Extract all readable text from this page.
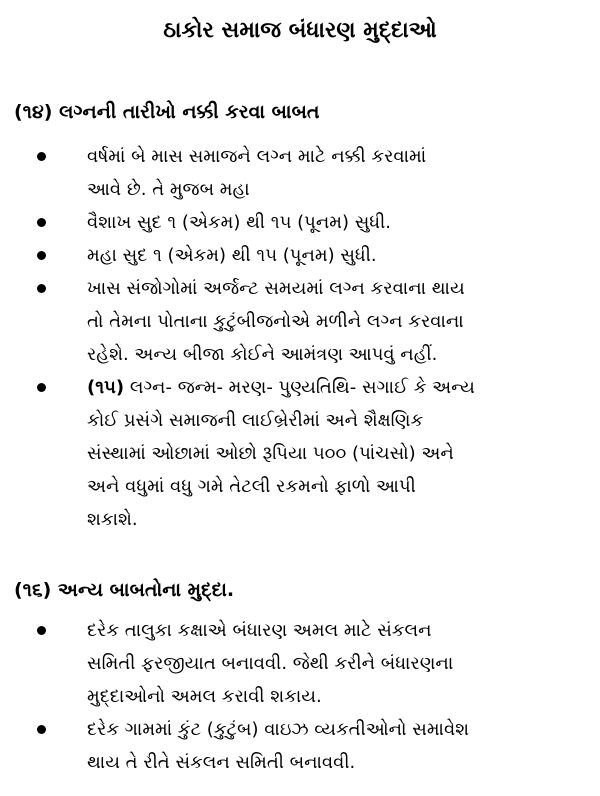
ઠાકોર સમાજ બંધારણ મુદ્દાઓ
(૧૪) લગ્નની તારીખો નક્કી કરવા બાબત
વર્ષમાં બે માસ સમાજને લગ્ન માટે નક્કી કરવામાં
આવે છે. તે મુજબ મહા
વૈશાખ સુદ ૧ (એકમ) થી ૧૫ (પૂનમ) સુધી.
મહા સુદ ૧ (એકમ) થી ૧૫ (પૂનમ) સુધી.
ખાસ સંજોગોમાં અર્જન્ટ સમયમાં લગ્ન કરવાના થાય
તો તેમના પોતાના કુટુંબીજનોએ મળીને લગ્ન કરવાના
રહેશે. અન્ય બીજા કોઈને આમંત્રણ આપવું નહીં.
(૧૫) લગ્ન- જન્મ- મરણ- પુણ્યતિથિ- સગાઈ કે અન્ય
કોઈ પ્રસંગે સમાજની લાઈબ્રેરીમાં અને શૈક્ષણિક
સંસ્થામાં ઓછામાં ઓછો રૂપિયા ૫૦૦ (પાંચસો) અને
અને વધુમાં વધુ ગમે તેટલી રકમનો ફાળો આપી
શકાશે.
(૧૬) અન્ય બાબતોના મુદ્દા.
દરેક તાલુકા કક્ષાએ બંધારણ અમલ માટે સંકલન
સમિતી ફરજીયાત બનાવવી. જેથી કરીને બંધારણના
મુદ્દાઓનો અમલ કરાવી શકાય.
દરેક ગામમાં કુંટ (કુટુંબ) વાઇઝ વ્યકતીઓનો સમાવેશ
થાય તે રીતે સંકલન સમિતી બનાવવી.
